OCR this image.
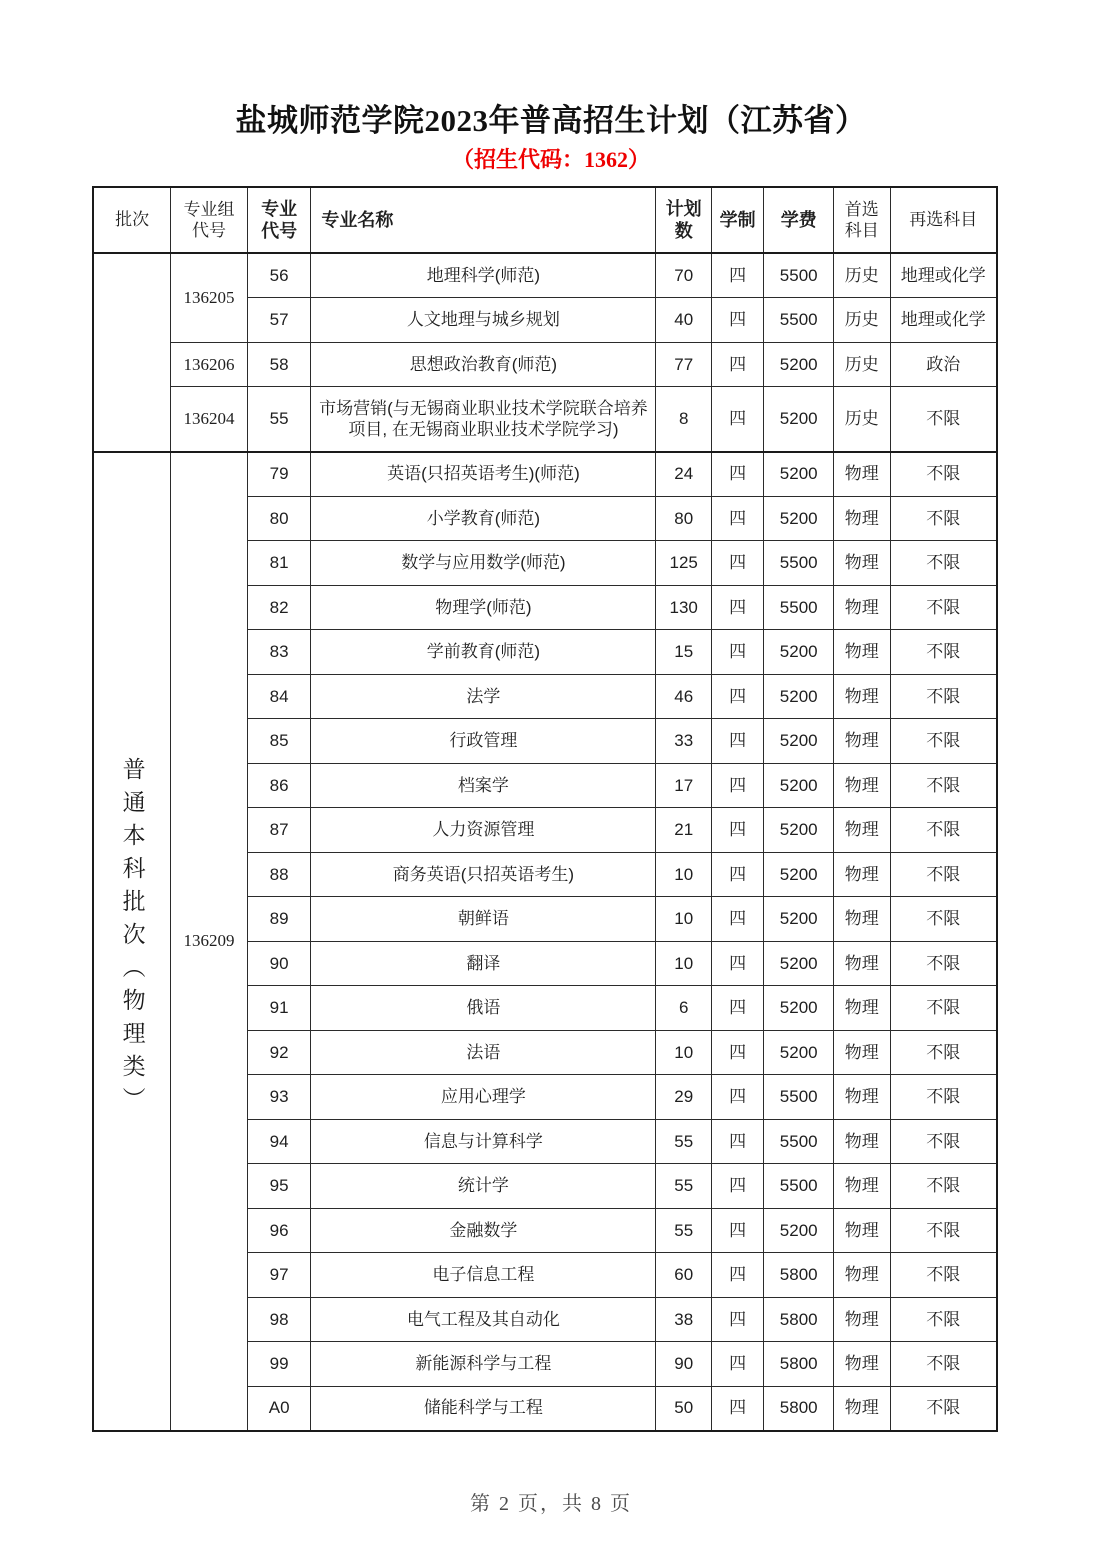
盐城师范学院2023年普高招生计划（江苏省）
（招生代码：1362）
批次	专业组代号	专业代号	专业名称	计划数	学制	学费	首选科目	再选科目
	136205	56	地理科学(师范)	70	四	5500	历史	地理或化学
		57	人文地理与城乡规划	40	四	5500	历史	地理或化学
	136206	58	思想政治教育(师范)	77	四	5200	历史	政治
	136204	55	市场营销(与无锡商业职业技术学院联合培养项目, 在无锡商业职业技术学院学习)	8	四	5200	历史	不限
普通本科批次（物理类）	136209	79	英语(只招英语考生)(师范)	24	四	5200	物理	不限
		80	小学教育(师范)	80	四	5200	物理	不限
		81	数学与应用数学(师范)	125	四	5500	物理	不限
		82	物理学(师范)	130	四	5500	物理	不限
		83	学前教育(师范)	15	四	5200	物理	不限
		84	法学	46	四	5200	物理	不限
		85	行政管理	33	四	5200	物理	不限
		86	档案学	17	四	5200	物理	不限
		87	人力资源管理	21	四	5200	物理	不限
		88	商务英语(只招英语考生)	10	四	5200	物理	不限
		89	朝鲜语	10	四	5200	物理	不限
		90	翻译	10	四	5200	物理	不限
		91	俄语	6	四	5200	物理	不限
		92	法语	10	四	5200	物理	不限
		93	应用心理学	29	四	5500	物理	不限
		94	信息与计算科学	55	四	5500	物理	不限
		95	统计学	55	四	5500	物理	不限
		96	金融数学	55	四	5200	物理	不限
		97	电子信息工程	60	四	5800	物理	不限
		98	电气工程及其自动化	38	四	5800	物理	不限
		99	新能源科学与工程	90	四	5800	物理	不限
		A0	储能科学与工程	50	四	5800	物理	不限
第 2 页，共 8 页
